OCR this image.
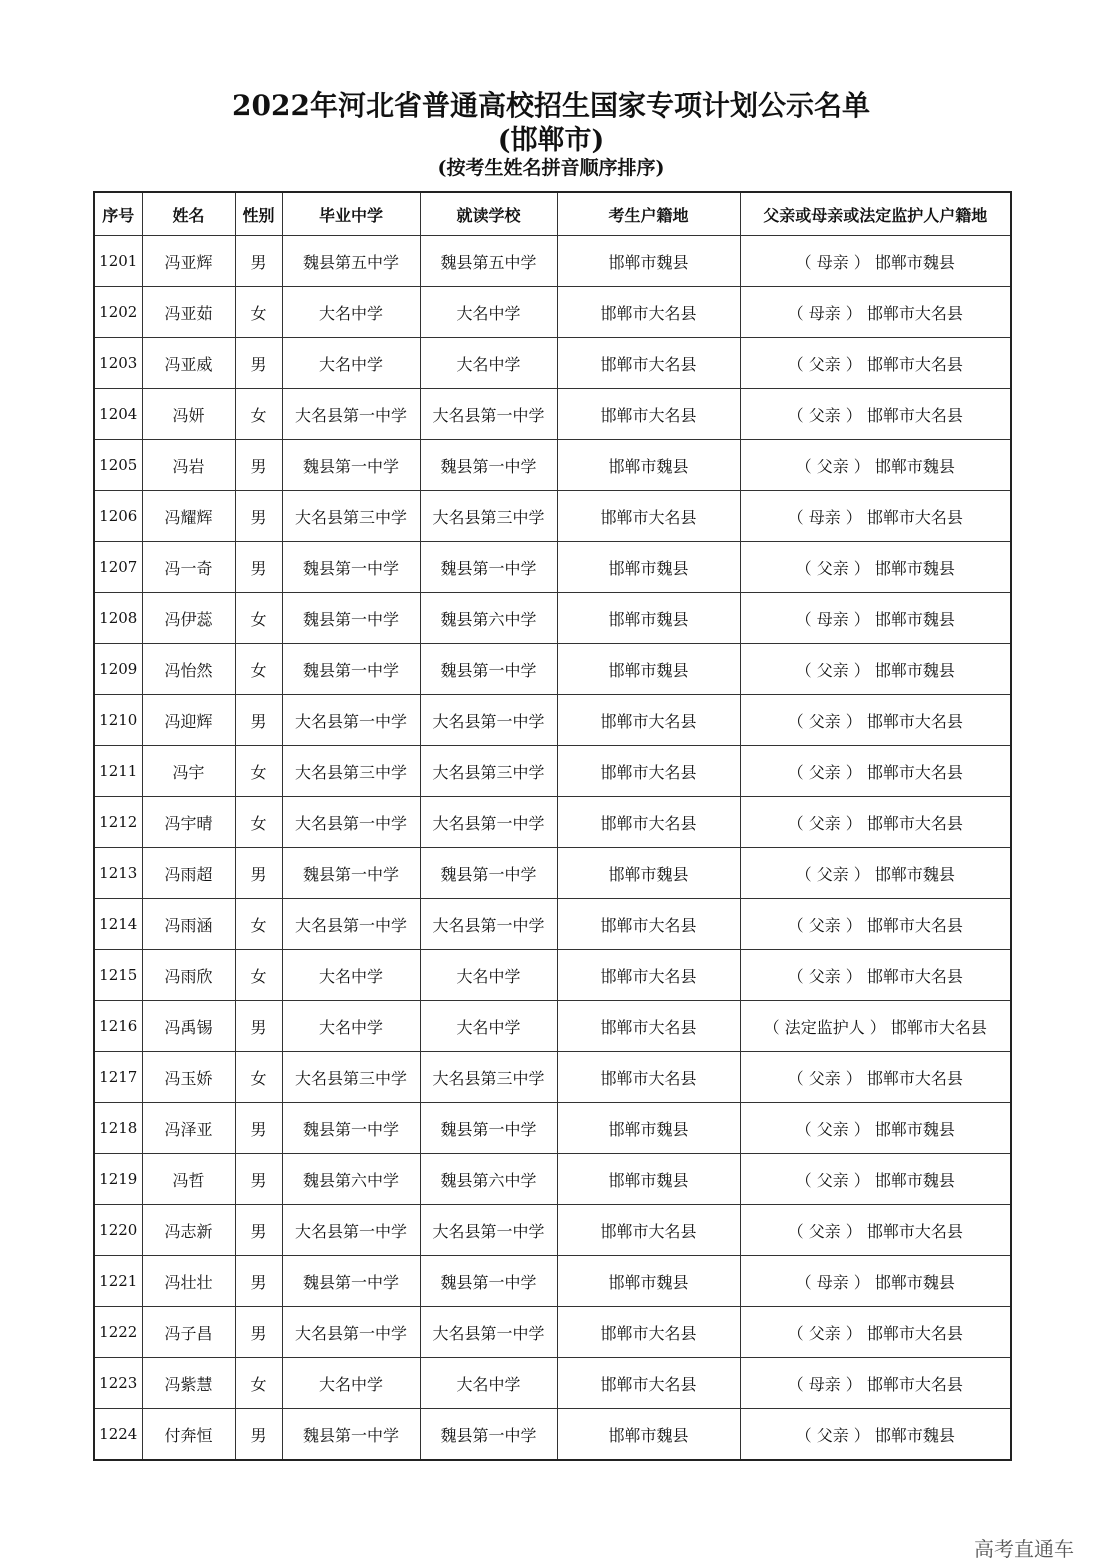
2022年河北省普通高校招生国家专项计划公示名单
(邯郸市)
(按考生姓名拼音顺序排序)
序号	姓名	性别	毕业中学	就读学校	考生户籍地	父亲或母亲或法定监护人户籍地
1201	冯亚辉	男	魏县第五中学	魏县第五中学	邯郸市魏县	（ 母亲 ） 邯郸市魏县
1202	冯亚茹	女	大名中学	大名中学	邯郸市大名县	（ 母亲 ） 邯郸市大名县
1203	冯亚威	男	大名中学	大名中学	邯郸市大名县	（ 父亲 ） 邯郸市大名县
1204	冯妍	女	大名县第一中学	大名县第一中学	邯郸市大名县	（ 父亲 ） 邯郸市大名县
1205	冯岩	男	魏县第一中学	魏县第一中学	邯郸市魏县	（ 父亲 ） 邯郸市魏县
1206	冯耀辉	男	大名县第三中学	大名县第三中学	邯郸市大名县	（ 母亲 ） 邯郸市大名县
1207	冯一奇	男	魏县第一中学	魏县第一中学	邯郸市魏县	（ 父亲 ） 邯郸市魏县
1208	冯伊蕊	女	魏县第一中学	魏县第六中学	邯郸市魏县	（ 母亲 ） 邯郸市魏县
1209	冯怡然	女	魏县第一中学	魏县第一中学	邯郸市魏县	（ 父亲 ） 邯郸市魏县
1210	冯迎辉	男	大名县第一中学	大名县第一中学	邯郸市大名县	（ 父亲 ） 邯郸市大名县
1211	冯宇	女	大名县第三中学	大名县第三中学	邯郸市大名县	（ 父亲 ） 邯郸市大名县
1212	冯宇晴	女	大名县第一中学	大名县第一中学	邯郸市大名县	（ 父亲 ） 邯郸市大名县
1213	冯雨超	男	魏县第一中学	魏县第一中学	邯郸市魏县	（ 父亲 ） 邯郸市魏县
1214	冯雨涵	女	大名县第一中学	大名县第一中学	邯郸市大名县	（ 父亲 ） 邯郸市大名县
1215	冯雨欣	女	大名中学	大名中学	邯郸市大名县	（ 父亲 ） 邯郸市大名县
1216	冯禹锡	男	大名中学	大名中学	邯郸市大名县	（ 法定监护人 ） 邯郸市大名县
1217	冯玉娇	女	大名县第三中学	大名县第三中学	邯郸市大名县	（ 父亲 ） 邯郸市大名县
1218	冯泽亚	男	魏县第一中学	魏县第一中学	邯郸市魏县	（ 父亲 ） 邯郸市魏县
1219	冯哲	男	魏县第六中学	魏县第六中学	邯郸市魏县	（ 父亲 ） 邯郸市魏县
1220	冯志新	男	大名县第一中学	大名县第一中学	邯郸市大名县	（ 父亲 ） 邯郸市大名县
1221	冯壮壮	男	魏县第一中学	魏县第一中学	邯郸市魏县	（ 母亲 ） 邯郸市魏县
1222	冯子昌	男	大名县第一中学	大名县第一中学	邯郸市大名县	（ 父亲 ） 邯郸市大名县
1223	冯紫慧	女	大名中学	大名中学	邯郸市大名县	（ 母亲 ） 邯郸市大名县
1224	付奔恒	男	魏县第一中学	魏县第一中学	邯郸市魏县	（ 父亲 ） 邯郸市魏县
高考直通车
